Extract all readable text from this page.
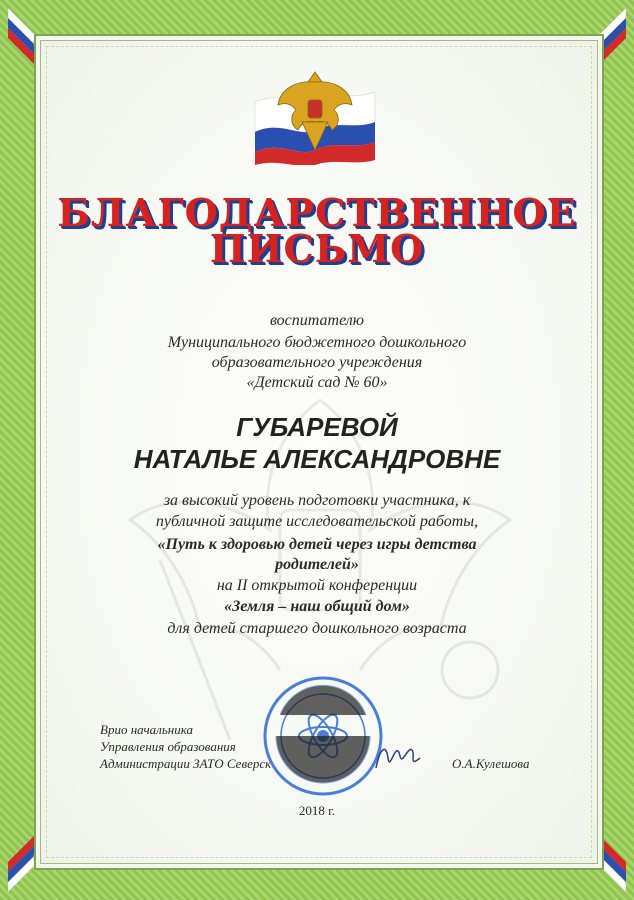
БЛАГОДАРСТВЕННОЕ
ПИСЬМО
воспитателю
Муниципального бюджетного дошкольного
образовательного учреждения
«Детский сад № 60»
ГУБАРЕВОЙ
НАТАЛЬЕ АЛЕКСАНДРОВНЕ
за высокий уровень подготовки участника, к
публичной защите исследовательской работы,
«Путь к здоровью детей через игры детства
родителей»
на II открытой конференции
«Земля – наш общий дом»
для детей старшего дошкольного возраста
Врио начальника
Управления образования
Администрации ЗАТО Северск	О.А.Кулешова
2018 г.
